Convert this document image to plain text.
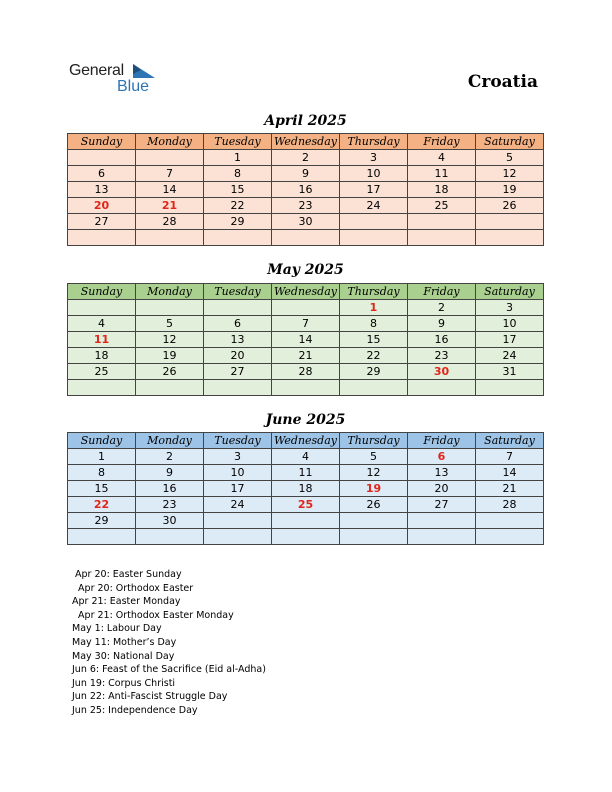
General
Blue	Croatia
April 2025
Sunday	Monday	Tuesday	Wednesday	Thursday	Friday	Saturday
		1	2	3	4	5
6	7	8	9	10	11	12
13	14	15	16	17	18	19
20	21	22	23	24	25	26
27	28	29	30			

May 2025
Sunday	Monday	Tuesday	Wednesday	Thursday	Friday	Saturday
				1	2	3
4	5	6	7	8	9	10
11	12	13	14	15	16	17
18	19	20	21	22	23	24
25	26	27	28	29	30	31

June 2025
Sunday	Monday	Tuesday	Wednesday	Thursday	Friday	Saturday
1	2	3	4	5	6	7
8	9	10	11	12	13	14
15	16	17	18	19	20	21
22	23	24	25	26	27	28
29	30					

Apr 20: Easter Sunday
Apr 20: Orthodox Easter
Apr 21: Easter Monday
Apr 21: Orthodox Easter Monday
May 1: Labour Day
May 11: Mother’s Day
May 30: National Day
Jun 6: Feast of the Sacrifice (Eid al-Adha)
Jun 19: Corpus Christi
Jun 22: Anti-Fascist Struggle Day
Jun 25: Independence Day
